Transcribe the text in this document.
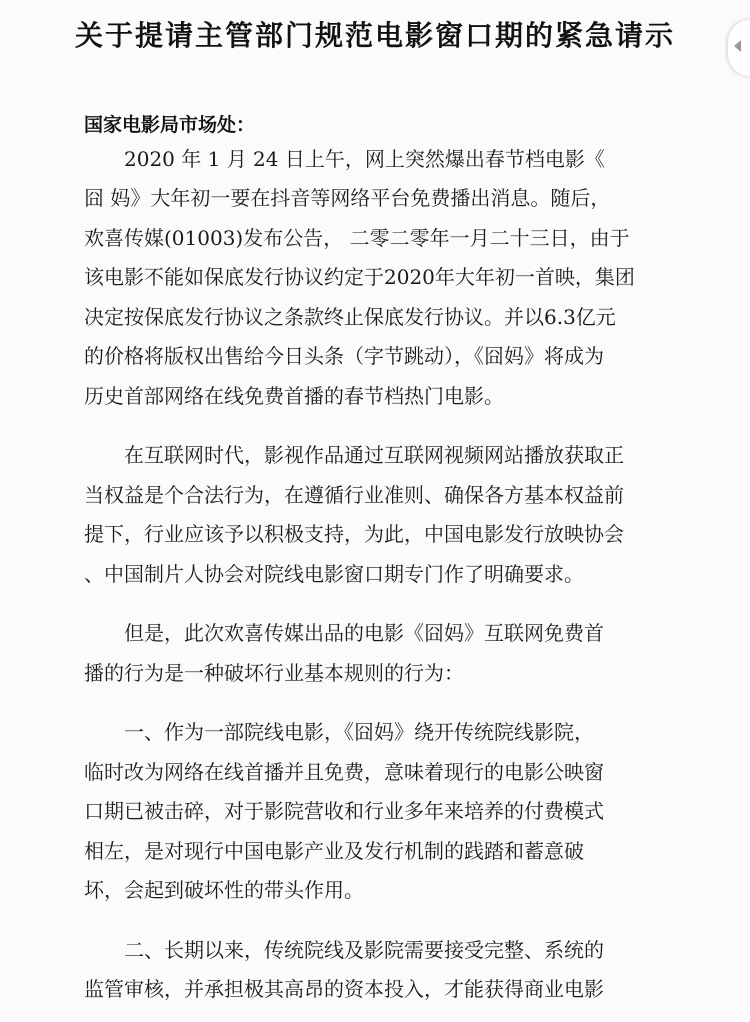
关于提请主管部门规范电影窗口期的紧急请示
国家电影局市场处：
2020 年 1 月 24 日上午，网上突然爆出春节档电影《
囧 妈》大年初一要在抖音等网络平台免费播出消息。随后，
欢喜传媒(01003)发布公告， 二零二零年一月二十三日，由于
该电影不能如保底发行协议约定于2020年大年初一首映，集团
决定按保底发行协议之条款终止保底发行协议。并以6.3亿元
的价格将版权出售给今日头条（字节跳动），《囧妈》将成为
历史首部网络在线免费首播的春节档热门电影。
在互联网时代，影视作品通过互联网视频网站播放获取正
当权益是个合法行为，在遵循行业准则、确保各方基本权益前
提下，行业应该予以积极支持，为此，中国电影发行放映协会
、中国制片人协会对院线电影窗口期专门作了明确要求。
但是，此次欢喜传媒出品的电影《囧妈》互联网免费首
播的行为是一种破坏行业基本规则的行为：
一、作为一部院线电影，《囧妈》绕开传统院线影院，
临时改为网络在线首播并且免费，意味着现行的电影公映窗
口期已被击碎，对于影院营收和行业多年来培养的付费模式
相左，是对现行中国电影产业及发行机制的践踏和蓄意破
坏，会起到破坏性的带头作用。
二、长期以来，传统院线及影院需要接受完整、系统的
监管审核，并承担极其高昂的资本投入，才能获得商业电影
